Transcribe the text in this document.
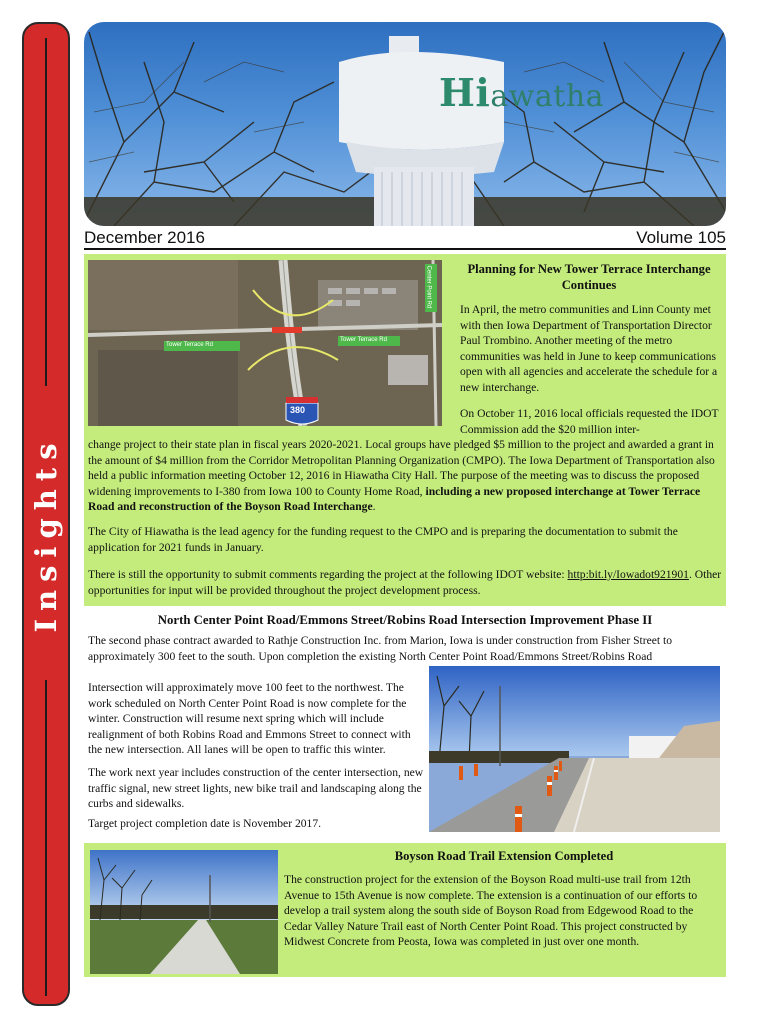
Insights
Hiawatha
December 2016	Volume 105
Tower Terrace Rd
Tower Terrace Rd
Center Point Rd
380
Planning for New Tower Terrace Interchange Continues

In April, the metro communities and Linn County met with then Iowa Department of Transportation Director Paul Trombino. Another meeting of the metro communities was held in June to keep communications open with all agencies and accelerate the schedule for a new interchange.

On October 11, 2016 local officials requested the IDOT Commission add the $20 million inter-

change project to their state plan in fiscal years 2020-2021. Local groups have pledged $5 million to the project and awarded a grant in the amount of $4 million from the Corridor Metropolitan Planning Organization (CMPO). The Iowa Department of Transportation also held a public information meeting October 12, 2016 in Hiawatha City Hall. The purpose of the meeting was to discuss the proposed widening improvements to I-380 from Iowa 100 to County Home Road, including a new proposed interchange at Tower Terrace Road and reconstruction of the Boyson Road Interchange.

The City of Hiawatha is the lead agency for the funding request to the CMPO and is preparing the documentation to submit the application for 2021 funds in January.

There is still the opportunity to submit comments regarding the project at the following IDOT website: http:bit.ly/Iowadot921901. Other opportunities for input will be provided throughout the project development process.

North Center Point Road/Emmons Street/Robins Road Intersection Improvement Phase II

The second phase contract awarded to Rathje Construction Inc. from Marion, Iowa is under construction from Fisher Street to approximately 300 feet to the south. Upon completion the existing North Center Point Road/Emmons Street/Robins Road

Intersection will approximately move 100 feet to the northwest. The work scheduled on North Center Point Road is now complete for the winter. Construction will resume next spring which will include realignment of both Robins Road and Emmons Street to connect with the new intersection. All lanes will be open to traffic this winter.

The work next year includes construction of the center intersection, new traffic signal, new street lights, new bike trail and landscaping along the curbs and sidewalks.

Target project completion date is November 2017.

Boyson Road Trail Extension Completed

The construction project for the extension of the Boyson Road multi-use trail from 12th Avenue to 15th Avenue is now complete. The extension is a continuation of our efforts to develop a trail system along the south side of Boyson Road from Edgewood Road to the Cedar Valley Nature Trail east of North Center Point Road. This project constructed by Midwest Concrete from Peosta, Iowa was completed in just over one month.
